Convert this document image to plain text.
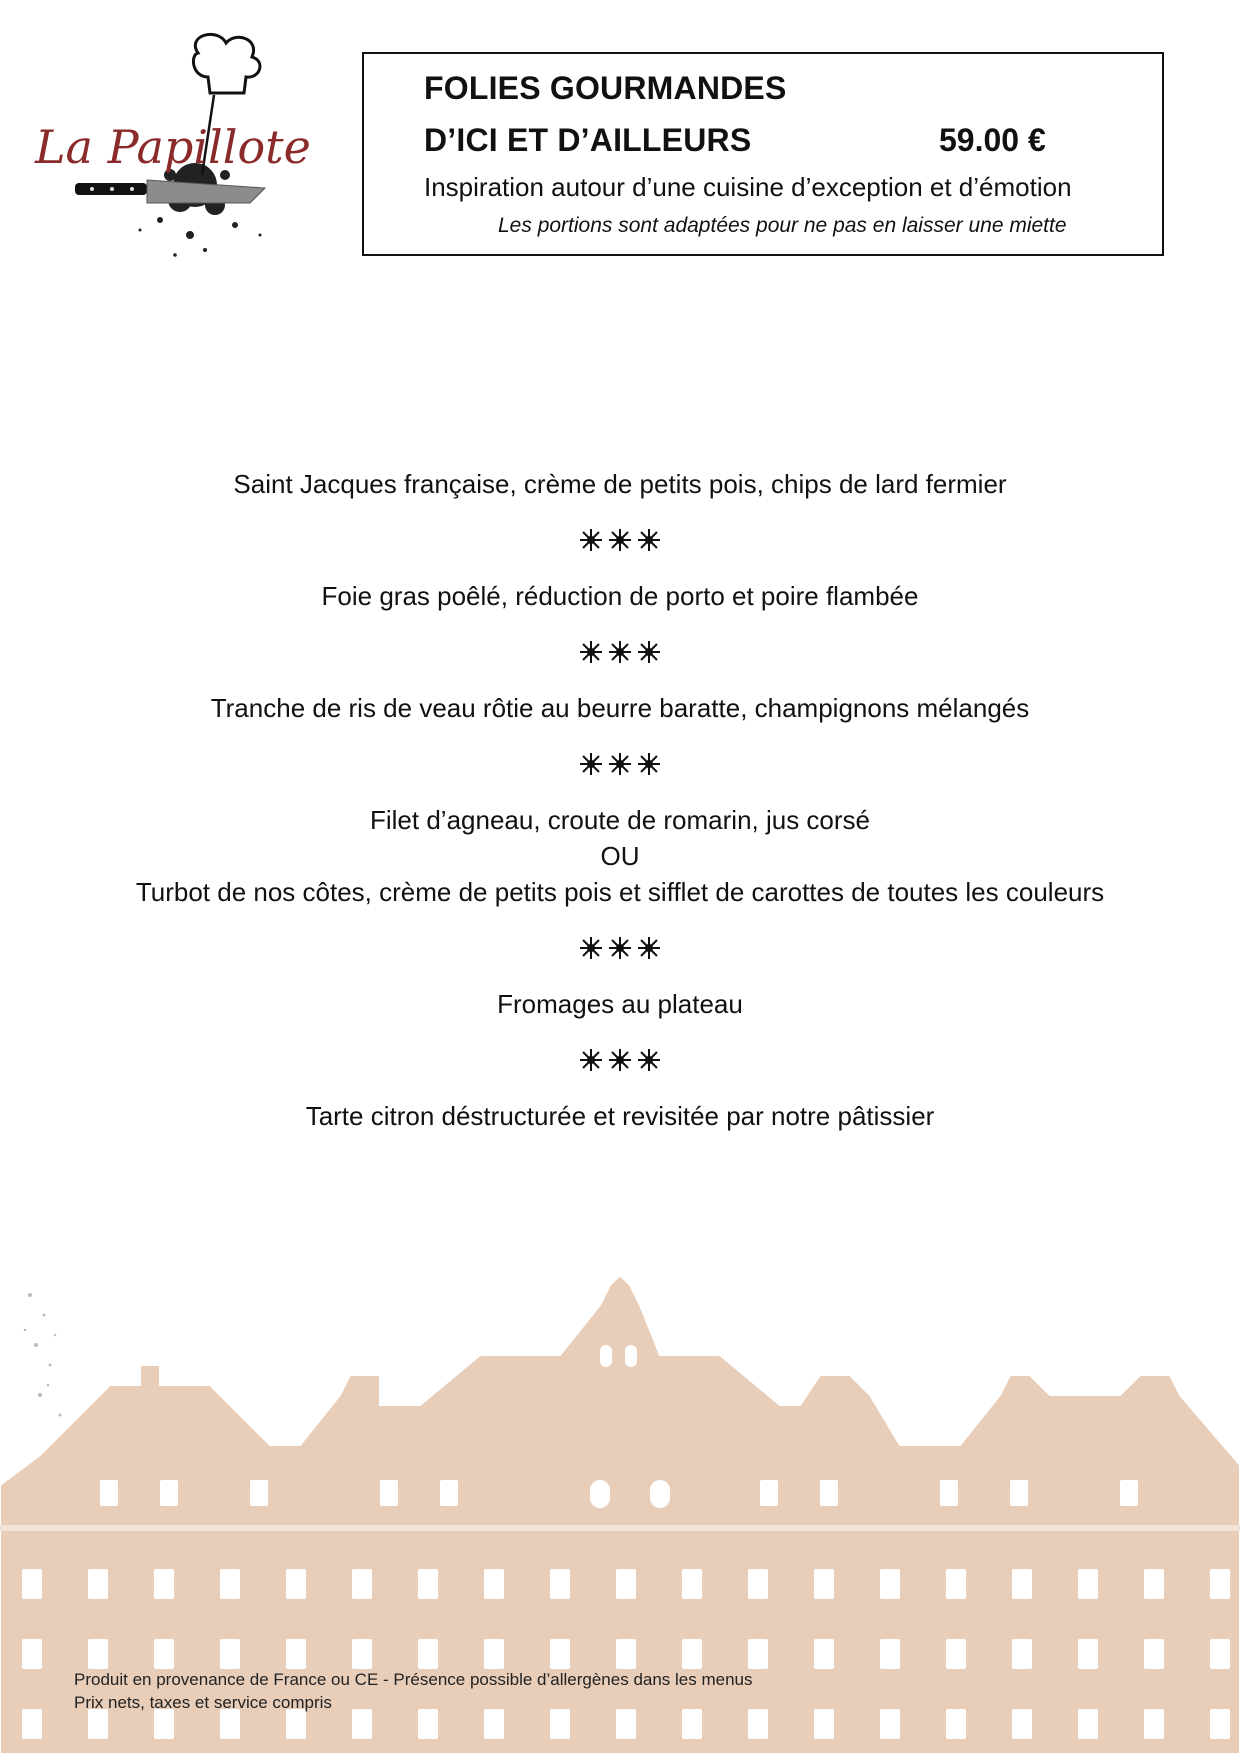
La Papillote
FOLIES GOURMANDES
D’ICI ET D’AILLEURS	59.00 €
Inspiration autour d’une cuisine d’exception et d’émotion
Les portions sont adaptées pour ne pas en laisser une miette

Saint Jacques française, crème de petits pois, chips de lard fermier

Foie gras poêlé, réduction de porto et poire flambée

Tranche de ris de veau rôtie au beurre baratte, champignons mélangés

Filet d’agneau, croute de romarin, jus corsé

OU

Turbot de nos côtes, crème de petits pois et sifflet de carottes de toutes les couleurs

Fromages au plateau

Tarte citron déstructurée et revisitée par notre pâtissier

Produit en provenance de France ou CE - Présence possible d’allergènes dans les menus
Prix nets, taxes et service compris
